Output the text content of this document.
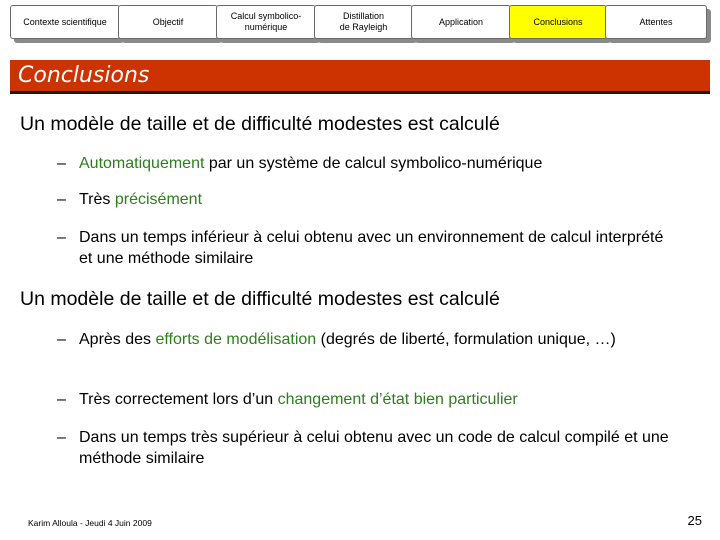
Contexte scientifique	Objectif
Calcul symbolico-
numérique
Distillation
de Rayleigh
Application	Conclusions	Attentes
Conclusions
Un modèle de taille et de difficulté modestes est calculé
– Automatiquement par un système de calcul symbolico-numérique
– Très précisément
– Dans un temps inférieur à celui obtenu avec un environnement de calcul interprété et une méthode similaire
Un modèle de taille et de difficulté modestes est calculé
– Après des efforts de modélisation (degrés de liberté, formulation unique, …)
– Très correctement lors d’un changement d’état bien particulier
– Dans un temps très supérieur à celui obtenu avec un code de calcul compilé et une méthode similaire
Karim Alloula - Jeudi 4 Juin 2009	25
